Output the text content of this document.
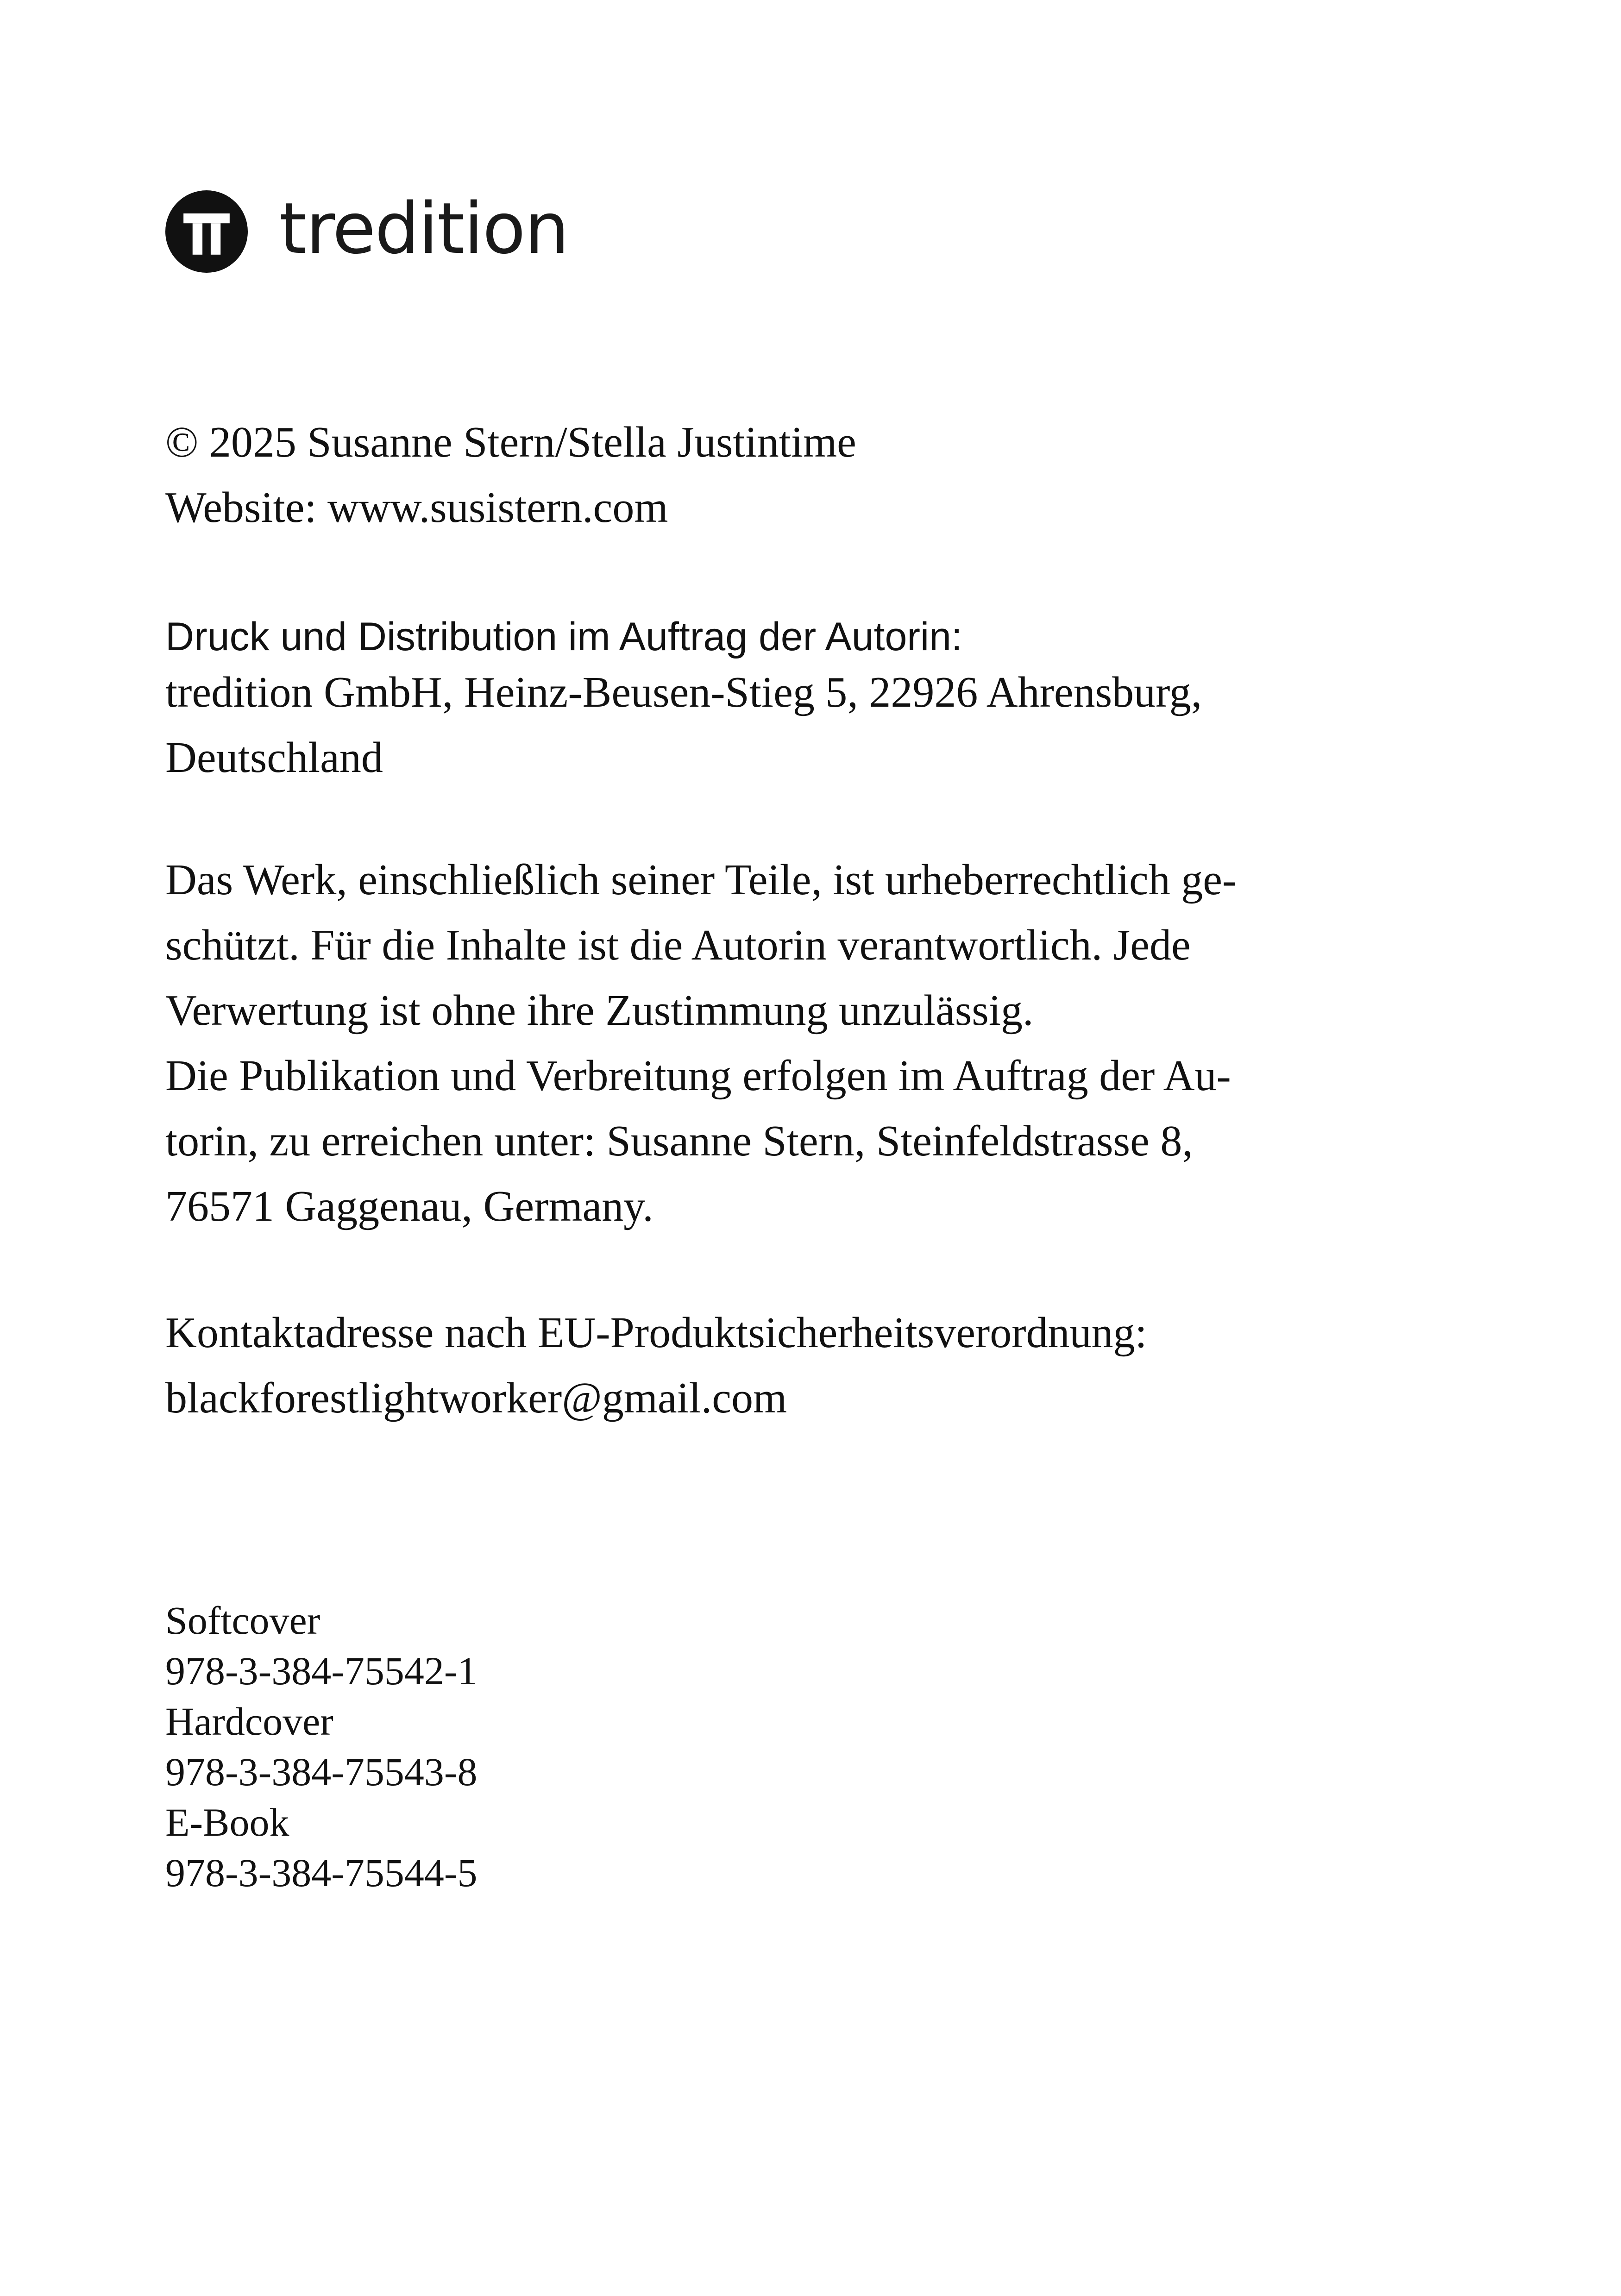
tredition
© 2025 Susanne Stern/Stella Justintime
Website: www.susistern.com
Druck und Distribution im Auftrag der Autorin:
tredition GmbH, Heinz-Beusen-Stieg 5, 22926 Ahrensburg,
Deutschland
Das Werk, einschließlich seiner Teile, ist urheberrechtlich ge-
schützt. Für die Inhalte ist die Autorin verantwortlich. Jede
Verwertung ist ohne ihre Zustimmung unzulässig.
Die Publikation und Verbreitung erfolgen im Auftrag der Au-
torin, zu erreichen unter: Susanne Stern, Steinfeldstrasse 8,
76571 Gaggenau, Germany.
Kontaktadresse nach EU-Produktsicherheitsverordnung:
blackforestlightworker@gmail.com
Softcover
978-3-384-75542-1
Hardcover
978-3-384-75543-8
E-Book
978-3-384-75544-5
